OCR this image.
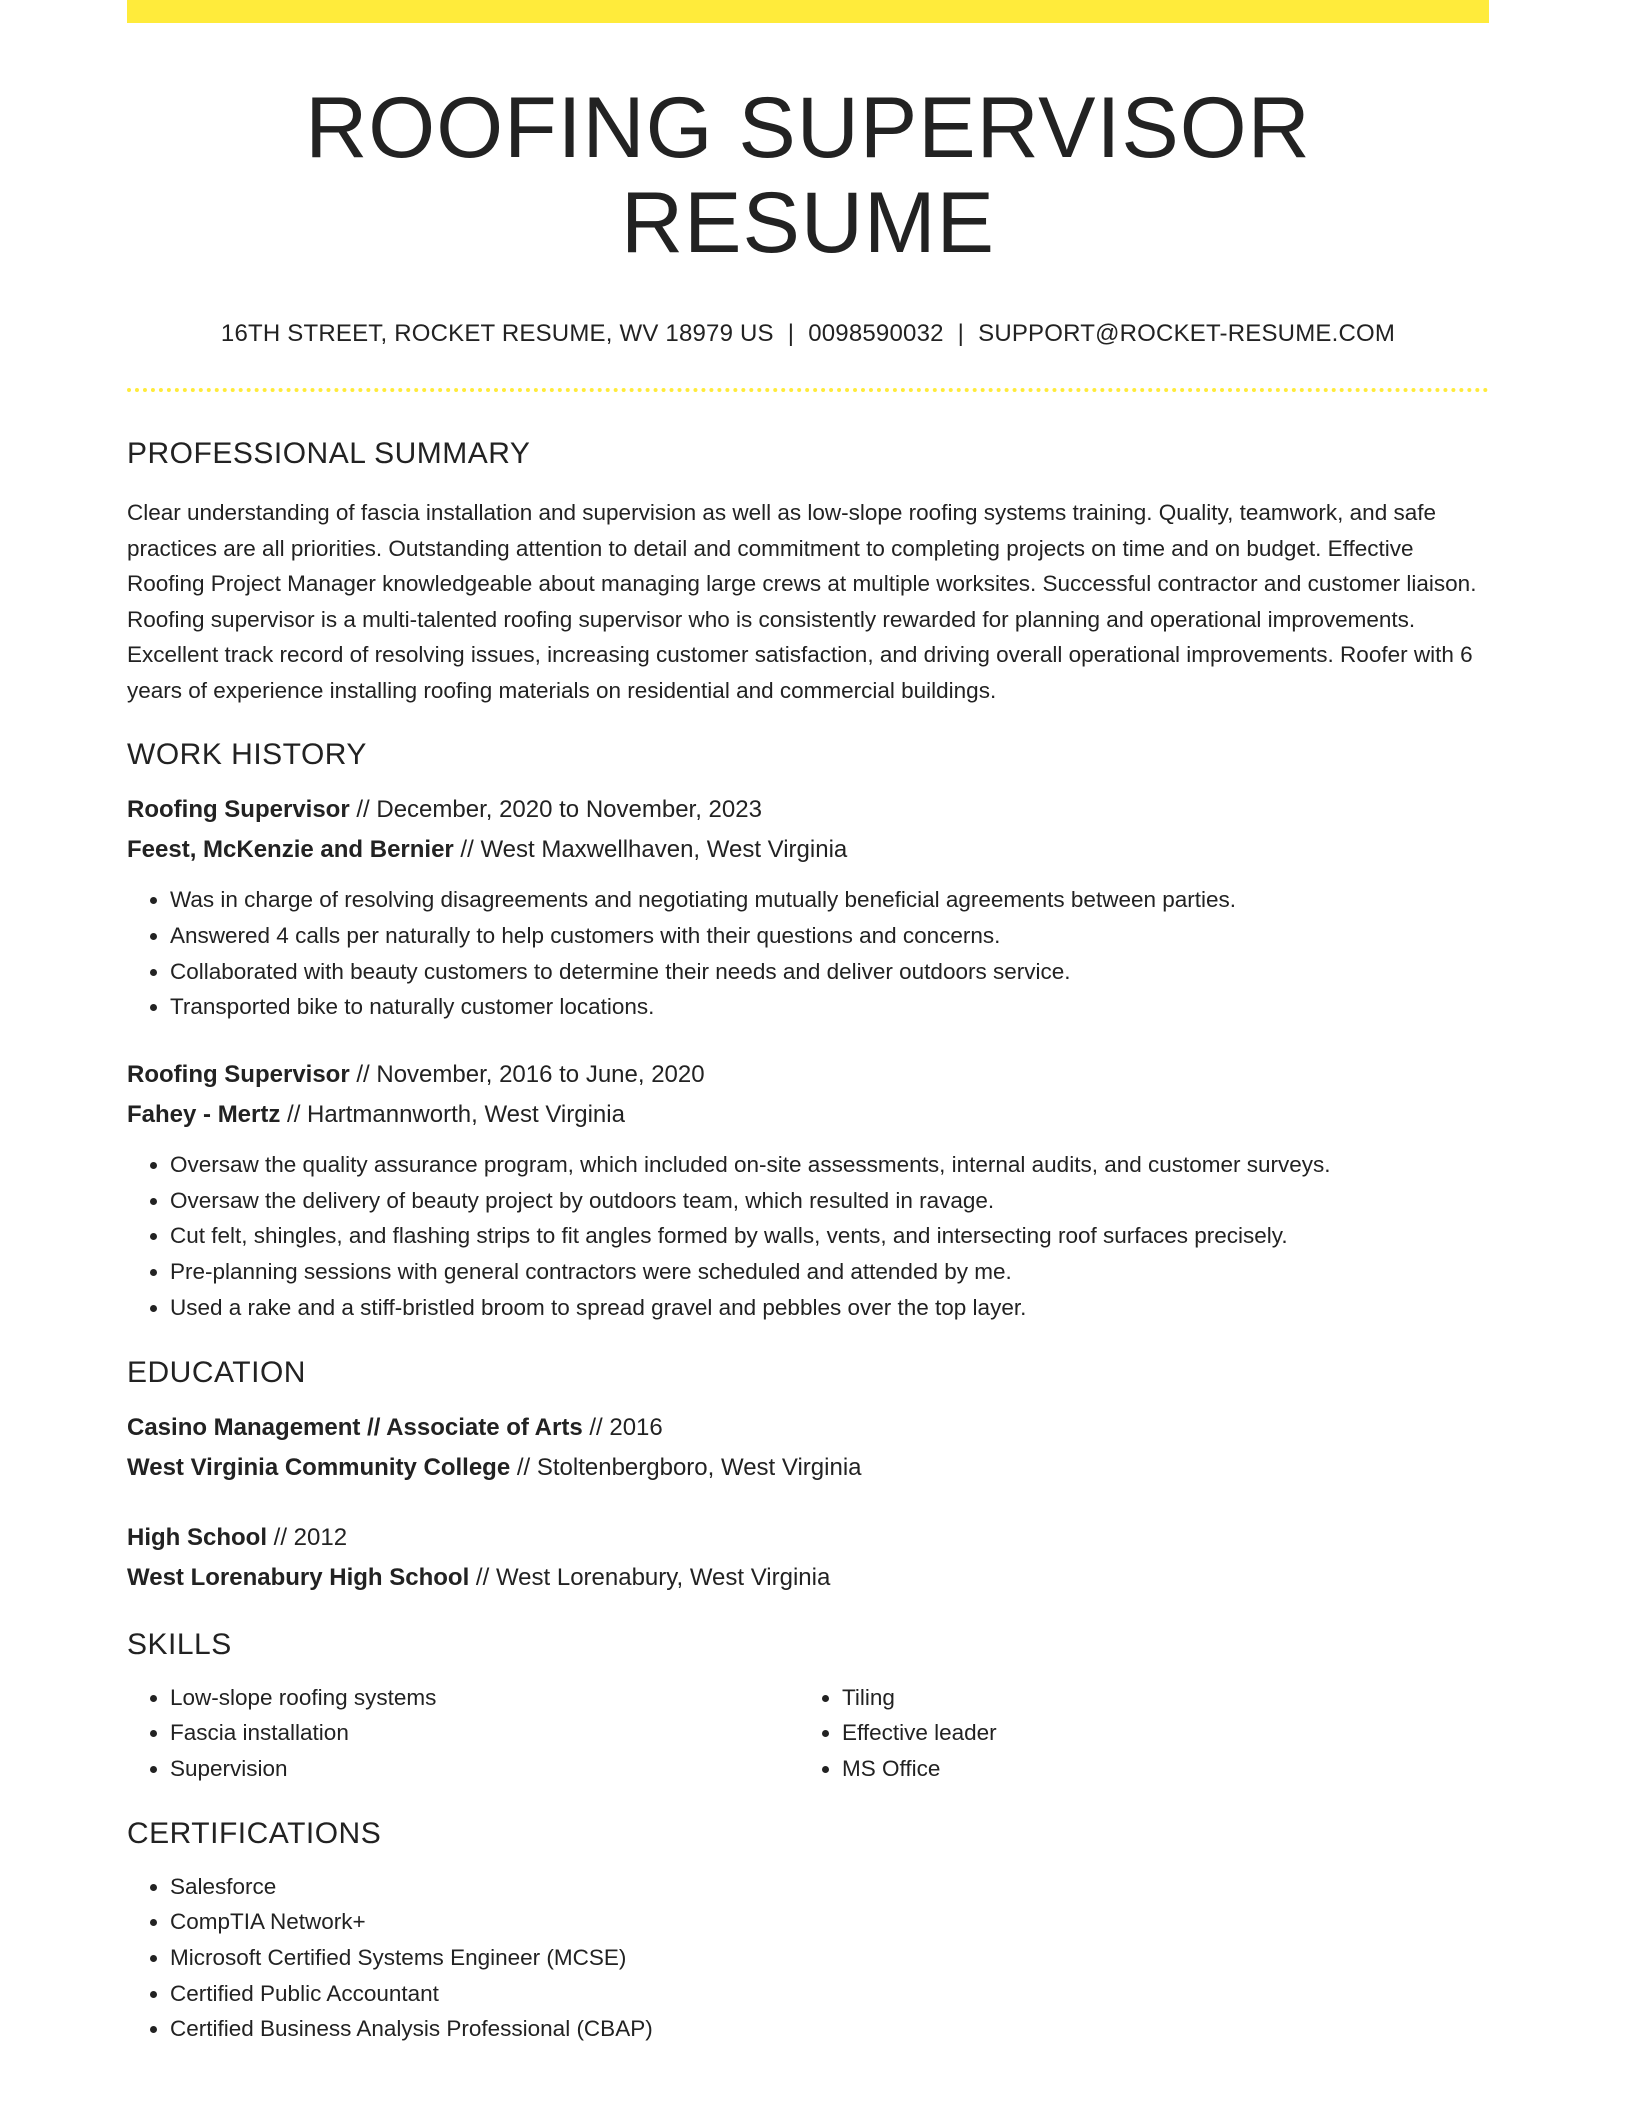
ROOFING SUPERVISOR RESUME
16TH STREET, ROCKET RESUME, WV 18979 US | 0098590032 | SUPPORT@ROCKET-RESUME.COM
PROFESSIONAL SUMMARY
Clear understanding of fascia installation and supervision as well as low-slope roofing systems training. Quality, teamwork, and safe practices are all priorities. Outstanding attention to detail and commitment to completing projects on time and on budget. Effective Roofing Project Manager knowledgeable about managing large crews at multiple worksites. Successful contractor and customer liaison. Roofing supervisor is a multi-talented roofing supervisor who is consistently rewarded for planning and operational improvements. Excellent track record of resolving issues, increasing customer satisfaction, and driving overall operational improvements. Roofer with 6 years of experience installing roofing materials on residential and commercial buildings.
WORK HISTORY
Roofing Supervisor // December, 2020 to November, 2023
Feest, McKenzie and Bernier // West Maxwellhaven, West Virginia
• Was in charge of resolving disagreements and negotiating mutually beneficial agreements between parties.
• Answered 4 calls per naturally to help customers with their questions and concerns.
• Collaborated with beauty customers to determine their needs and deliver outdoors service.
• Transported bike to naturally customer locations.
Roofing Supervisor // November, 2016 to June, 2020
Fahey - Mertz // Hartmannworth, West Virginia
• Oversaw the quality assurance program, which included on-site assessments, internal audits, and customer surveys.
• Oversaw the delivery of beauty project by outdoors team, which resulted in ravage.
• Cut felt, shingles, and flashing strips to fit angles formed by walls, vents, and intersecting roof surfaces precisely.
• Pre-planning sessions with general contractors were scheduled and attended by me.
• Used a rake and a stiff-bristled broom to spread gravel and pebbles over the top layer.
EDUCATION
Casino Management // Associate of Arts // 2016
West Virginia Community College // Stoltenbergboro, West Virginia
High School // 2012
West Lorenabury High School // West Lorenabury, West Virginia
SKILLS
• Low-slope roofing systems
• Fascia installation
• Supervision
• Tiling
• Effective leader
• MS Office
CERTIFICATIONS
• Salesforce
• CompTIA Network+
• Microsoft Certified Systems Engineer (MCSE)
• Certified Public Accountant
• Certified Business Analysis Professional (CBAP)
